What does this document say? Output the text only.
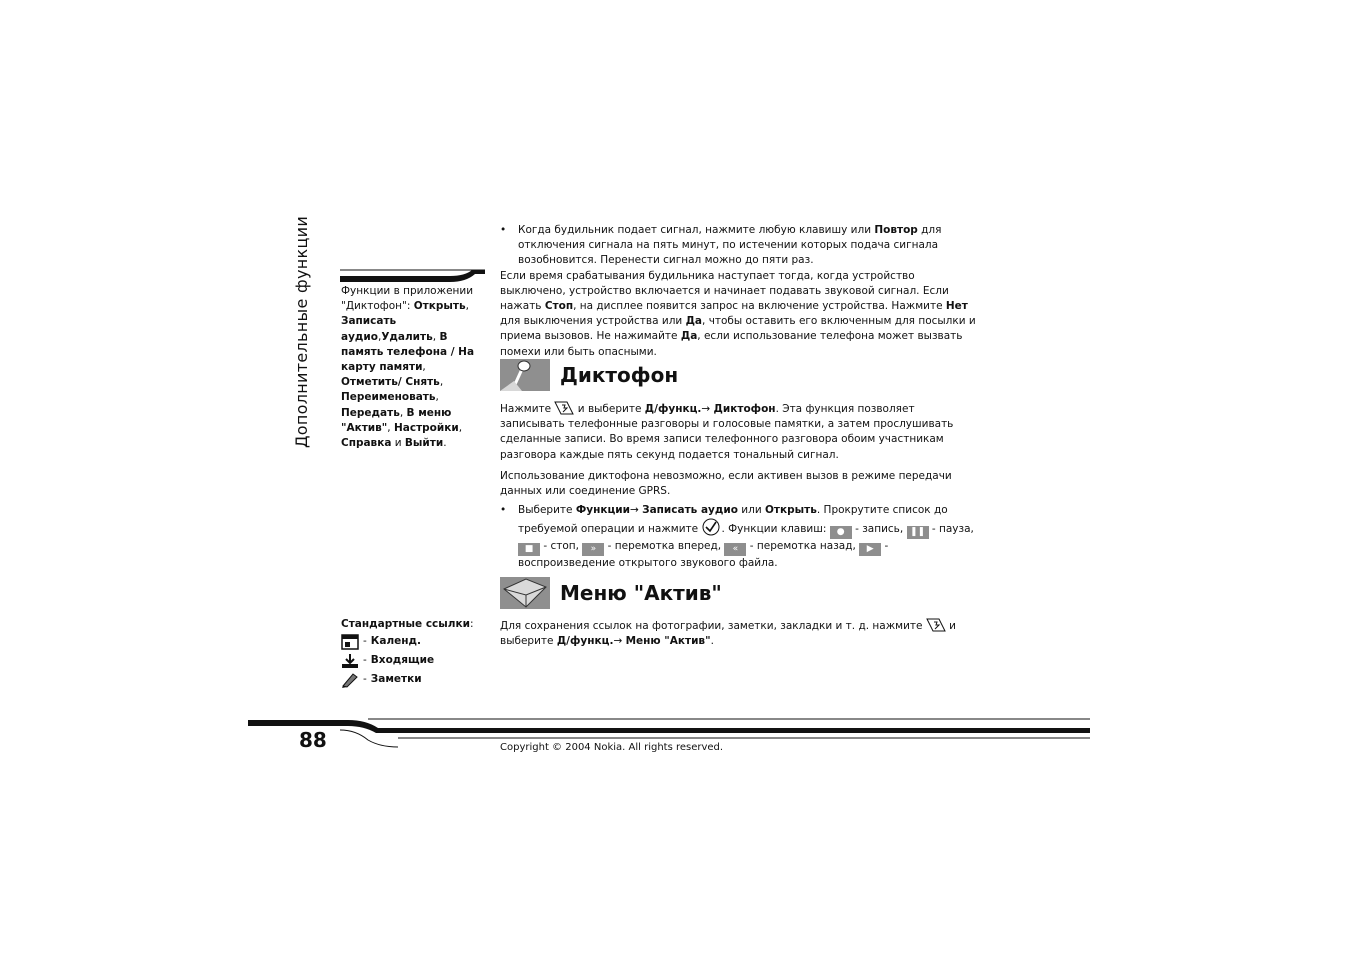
Дополнительные функции	Функции в приложении "Диктофон": Открыть, Записать аудио,Удалить, В память телефона / На карту памяти, Отметить/ Снять, Переименовать, Передать, В меню "Актив", Настройки, Справка и Выйти.
Стандартные ссылки:
- Календ.
- Входящие
- Заметки

• Когда будильник подает сигнал, нажмите любую клавишу или Повтор для отключения сигнала на пять минут, по истечении которых подача сигнала возобновится. Перенести сигнал можно до пяти раз.

Если время срабатывания будильника наступает тогда, когда устройство выключено, устройство включается и начинает подавать звуковой сигнал. Если нажать Стоп, на дисплее появится запрос на включение устройства. Нажмите Нет для выключения устройства или Да, чтобы оставить его включенным для посылки и приема вызовов. Не нажимайте Да, если использование телефона может вызвать помехи или быть опасными.

Диктофон

Нажмите  и выберите Д/функц.→ Диктофон. Эта функция позволяет записывать телефонные разговоры и голосовые памятки, а затем прослушивать сделанные записи. Во время записи телефонного разговора обоим участникам разговора каждые пять секунд подается тональный сигнал.

Использование диктофона невозможно, если активен вызов в режиме передачи данных или соединение GPRS.

• Выберите Функции→ Записать аудио или Открыть. Прокрутите список до требуемой операции и нажмите . Функции клавиш: ● - запись, ❚❚ - пауза, ■ - стоп, » - перемотка вперед, « - перемотка назад, ▶ - воспроизведение открытого звукового файла.

Меню "Актив"

Для сохранения ссылок на фотографии, заметки, закладки и т. д. нажмите  и выберите Д/функц.→ Меню "Актив".

88	Copyright © 2004 Nokia. All rights reserved.
